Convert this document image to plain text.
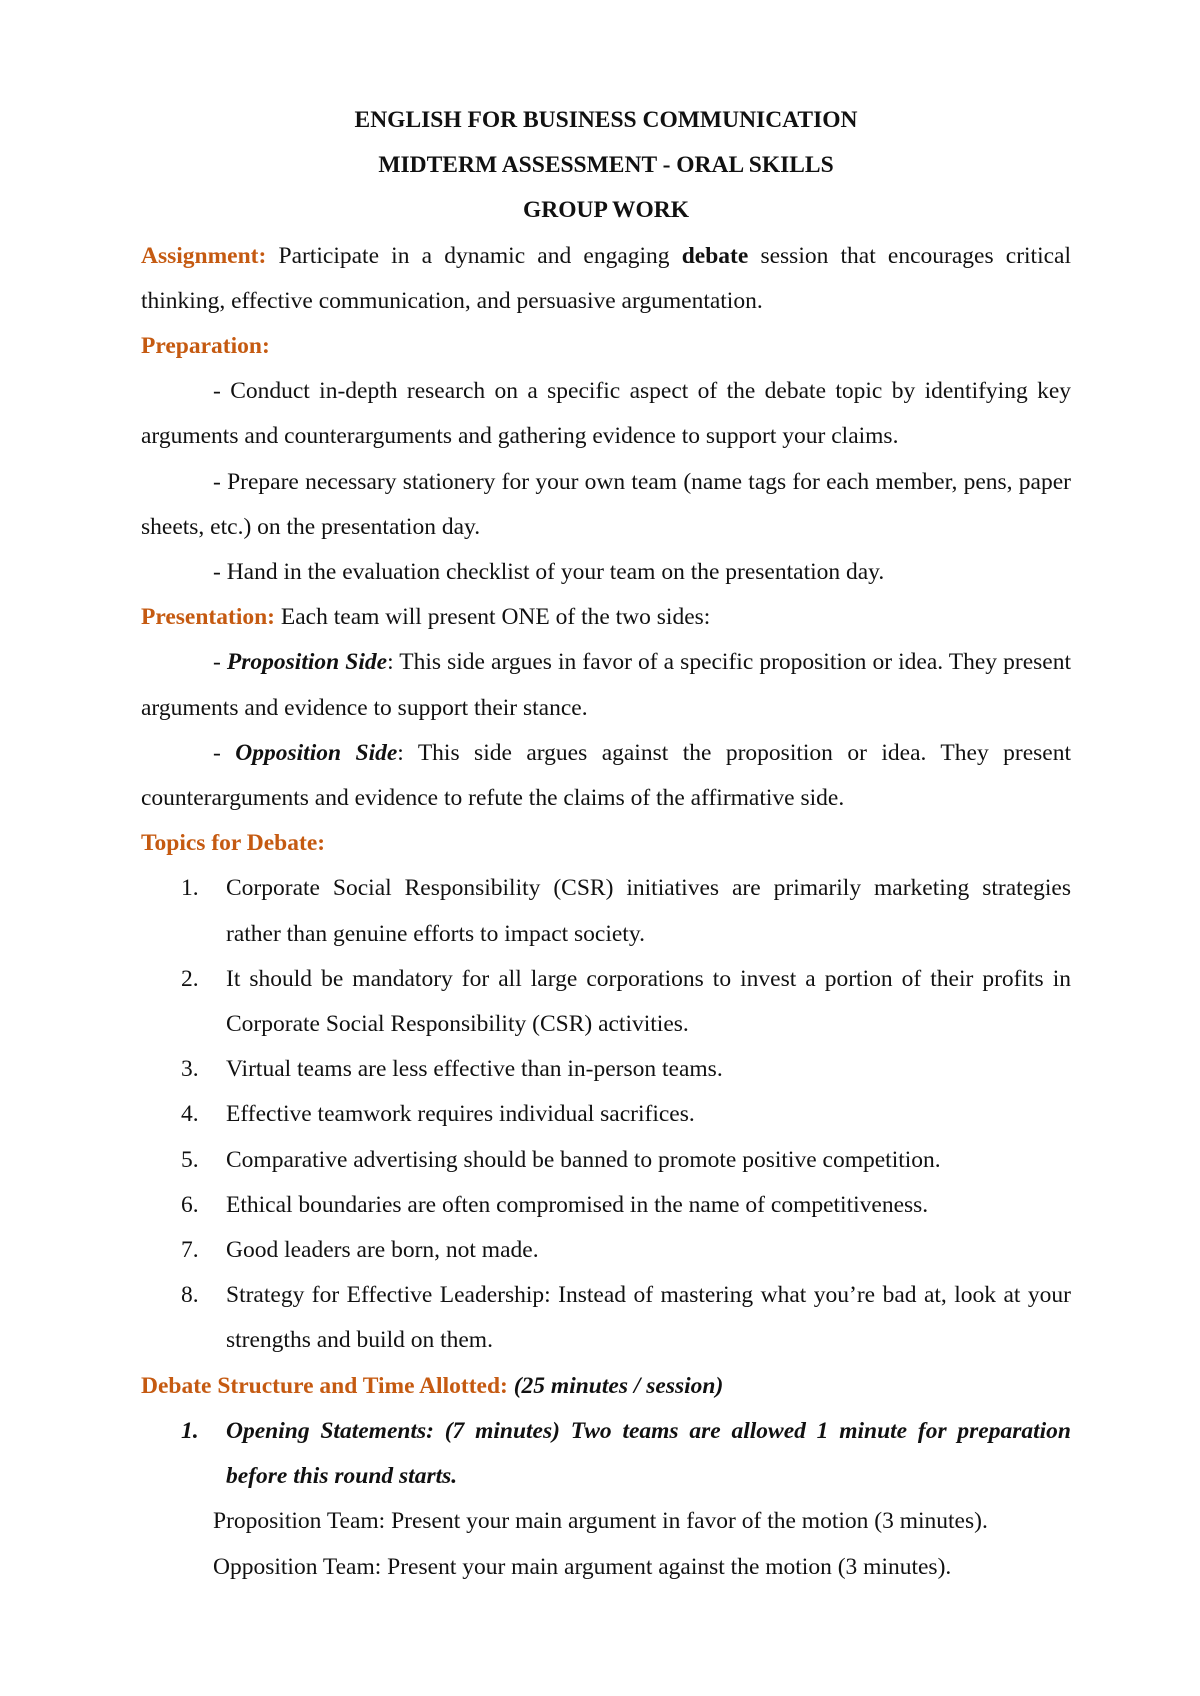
ENGLISH FOR BUSINESS COMMUNICATION
MIDTERM ASSESSMENT - ORAL SKILLS
GROUP WORK
Assignment: Participate in a dynamic and engaging debate session that encourages critical thinking, effective communication, and persuasive argumentation.
Preparation:
- Conduct in-depth research on a specific aspect of the debate topic by identifying key arguments and counterarguments and gathering evidence to support your claims.
- Prepare necessary stationery for your own team (name tags for each member, pens, paper sheets, etc.) on the presentation day.
- Hand in the evaluation checklist of your team on the presentation day.
Presentation: Each team will present ONE of the two sides:
- Proposition Side: This side argues in favor of a specific proposition or idea. They present arguments and evidence to support their stance.
- Opposition Side: This side argues against the proposition or idea. They present counterarguments and evidence to refute the claims of the affirmative side.
Topics for Debate:
1. Corporate Social Responsibility (CSR) initiatives are primarily marketing strategies rather than genuine efforts to impact society.
2. It should be mandatory for all large corporations to invest a portion of their profits in Corporate Social Responsibility (CSR) activities.
3. Virtual teams are less effective than in-person teams.
4. Effective teamwork requires individual sacrifices.
5. Comparative advertising should be banned to promote positive competition.
6. Ethical boundaries are often compromised in the name of competitiveness.
7. Good leaders are born, not made.
8. Strategy for Effective Leadership: Instead of mastering what you’re bad at, look at your strengths and build on them.
Debate Structure and Time Allotted: (25 minutes / session)
1. Opening Statements: (7 minutes) Two teams are allowed 1 minute for preparation before this round starts.
Proposition Team: Present your main argument in favor of the motion (3 minutes).
Opposition Team: Present your main argument against the motion (3 minutes).
